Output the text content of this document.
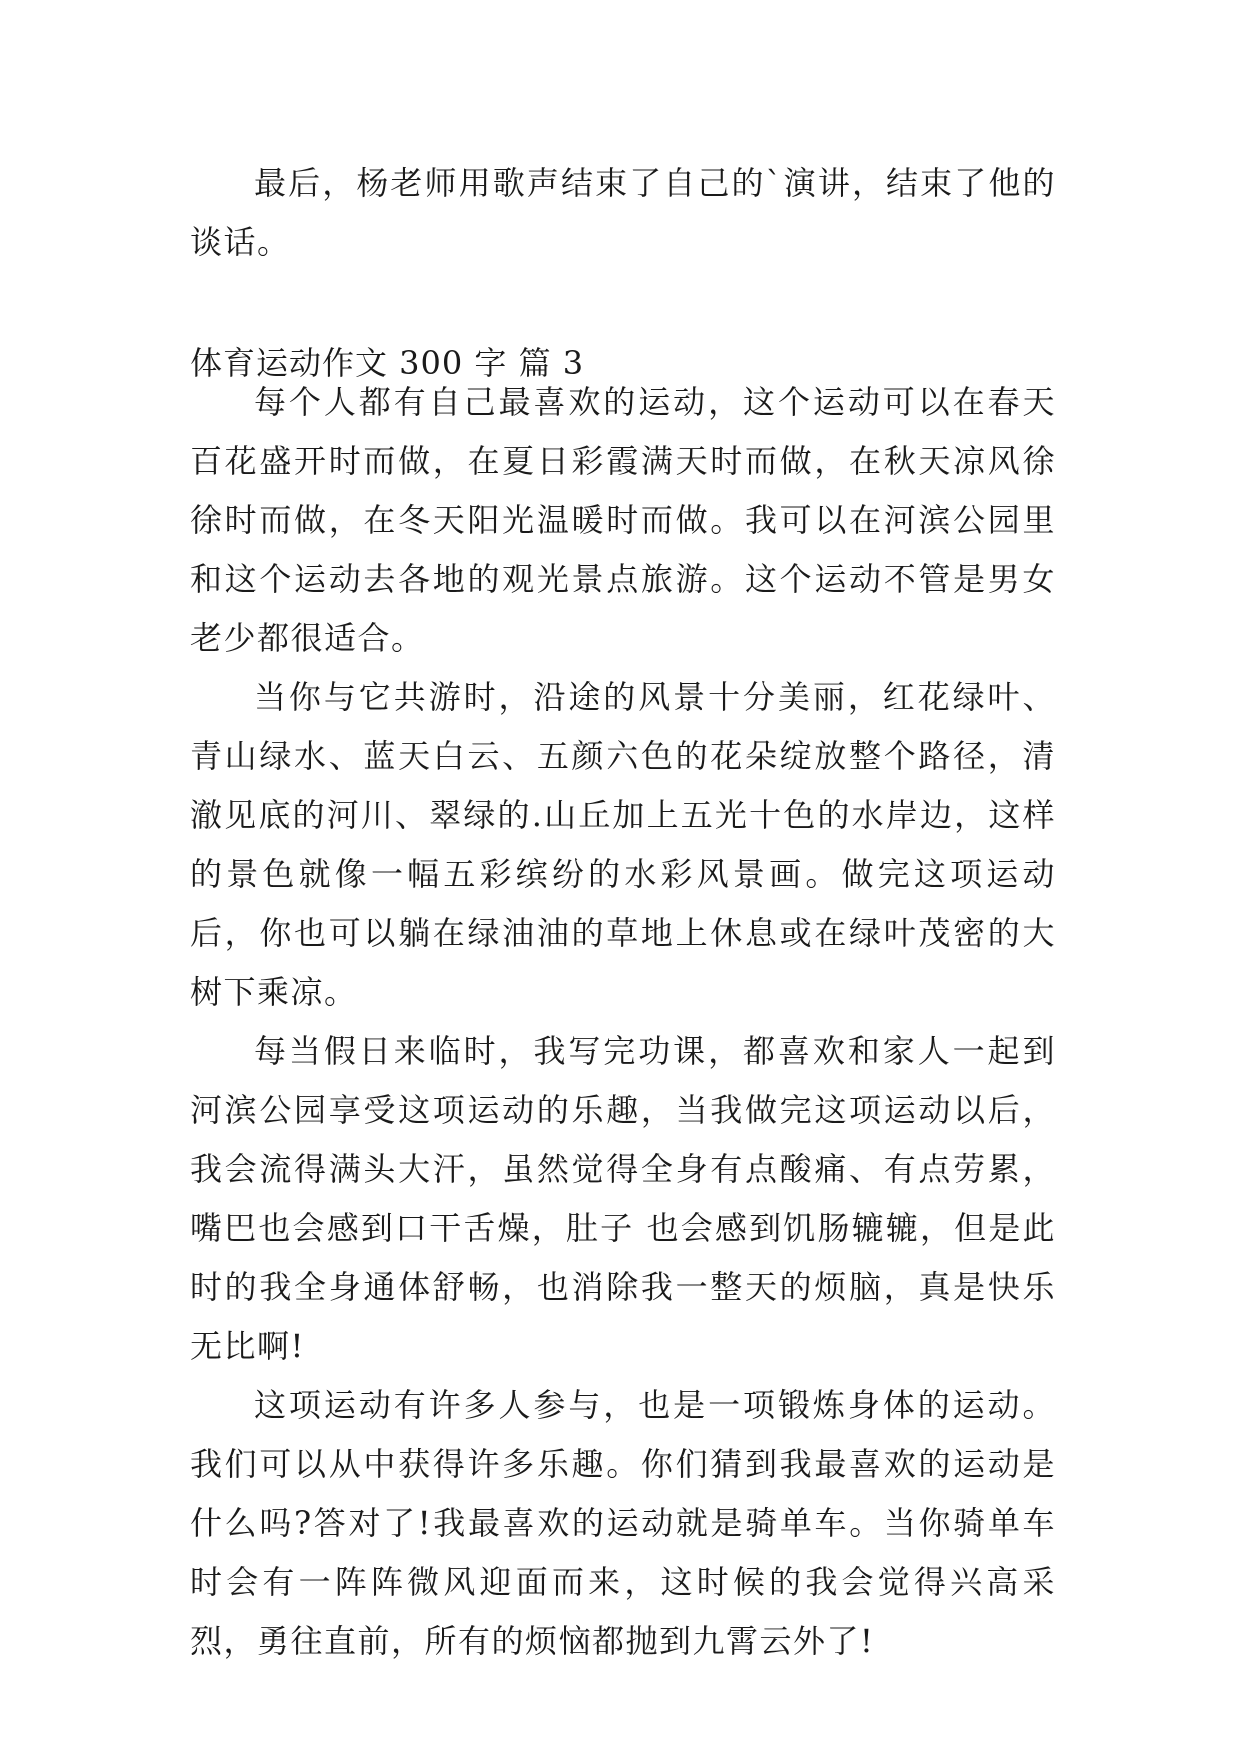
最后，杨老师用歌声结束了自己的`演讲，结束了他的谈话。

体育运动作文 300 字 篇 3

每个人都有自己最喜欢的运动，这个运动可以在春天百花盛开时而做，在夏日彩霞满天时而做，在秋天凉风徐徐时而做，在冬天阳光温暖时而做。我可以在河滨公园里和这个运动去各地的观光景点旅游。这个运动不管是男女老少都很适合。

当你与它共游时，沿途的风景十分美丽，红花绿叶、青山绿水、蓝天白云、五颜六色的花朵绽放整个路径，清澈见底的河川、翠绿的.山丘加上五光十色的水岸边，这样的景色就像一幅五彩缤纷的水彩风景画。做完这项运动后，你也可以躺在绿油油的草地上休息或在绿叶茂密的大树下乘凉。

每当假日来临时，我写完功课，都喜欢和家人一起到河滨公园享受这项运动的乐趣，当我做完这项运动以后，我会流得满头大汗，虽然觉得全身有点酸痛、有点劳累，嘴巴也会感到口干舌燥，肚子 也会感到饥肠辘辘，但是此时的我全身通体舒畅，也消除我一整天的烦脑，真是快乐无比啊!

这项运动有许多人参与，也是一项锻炼身体的运动。我们可以从中获得许多乐趣。你们猜到我最喜欢的运动是什么吗?答对了!我最喜欢的运动就是骑单车。当你骑单车时会有一阵阵微风迎面而来，这时候的我会觉得兴高采烈，勇往直前，所有的烦恼都抛到九霄云外了!
